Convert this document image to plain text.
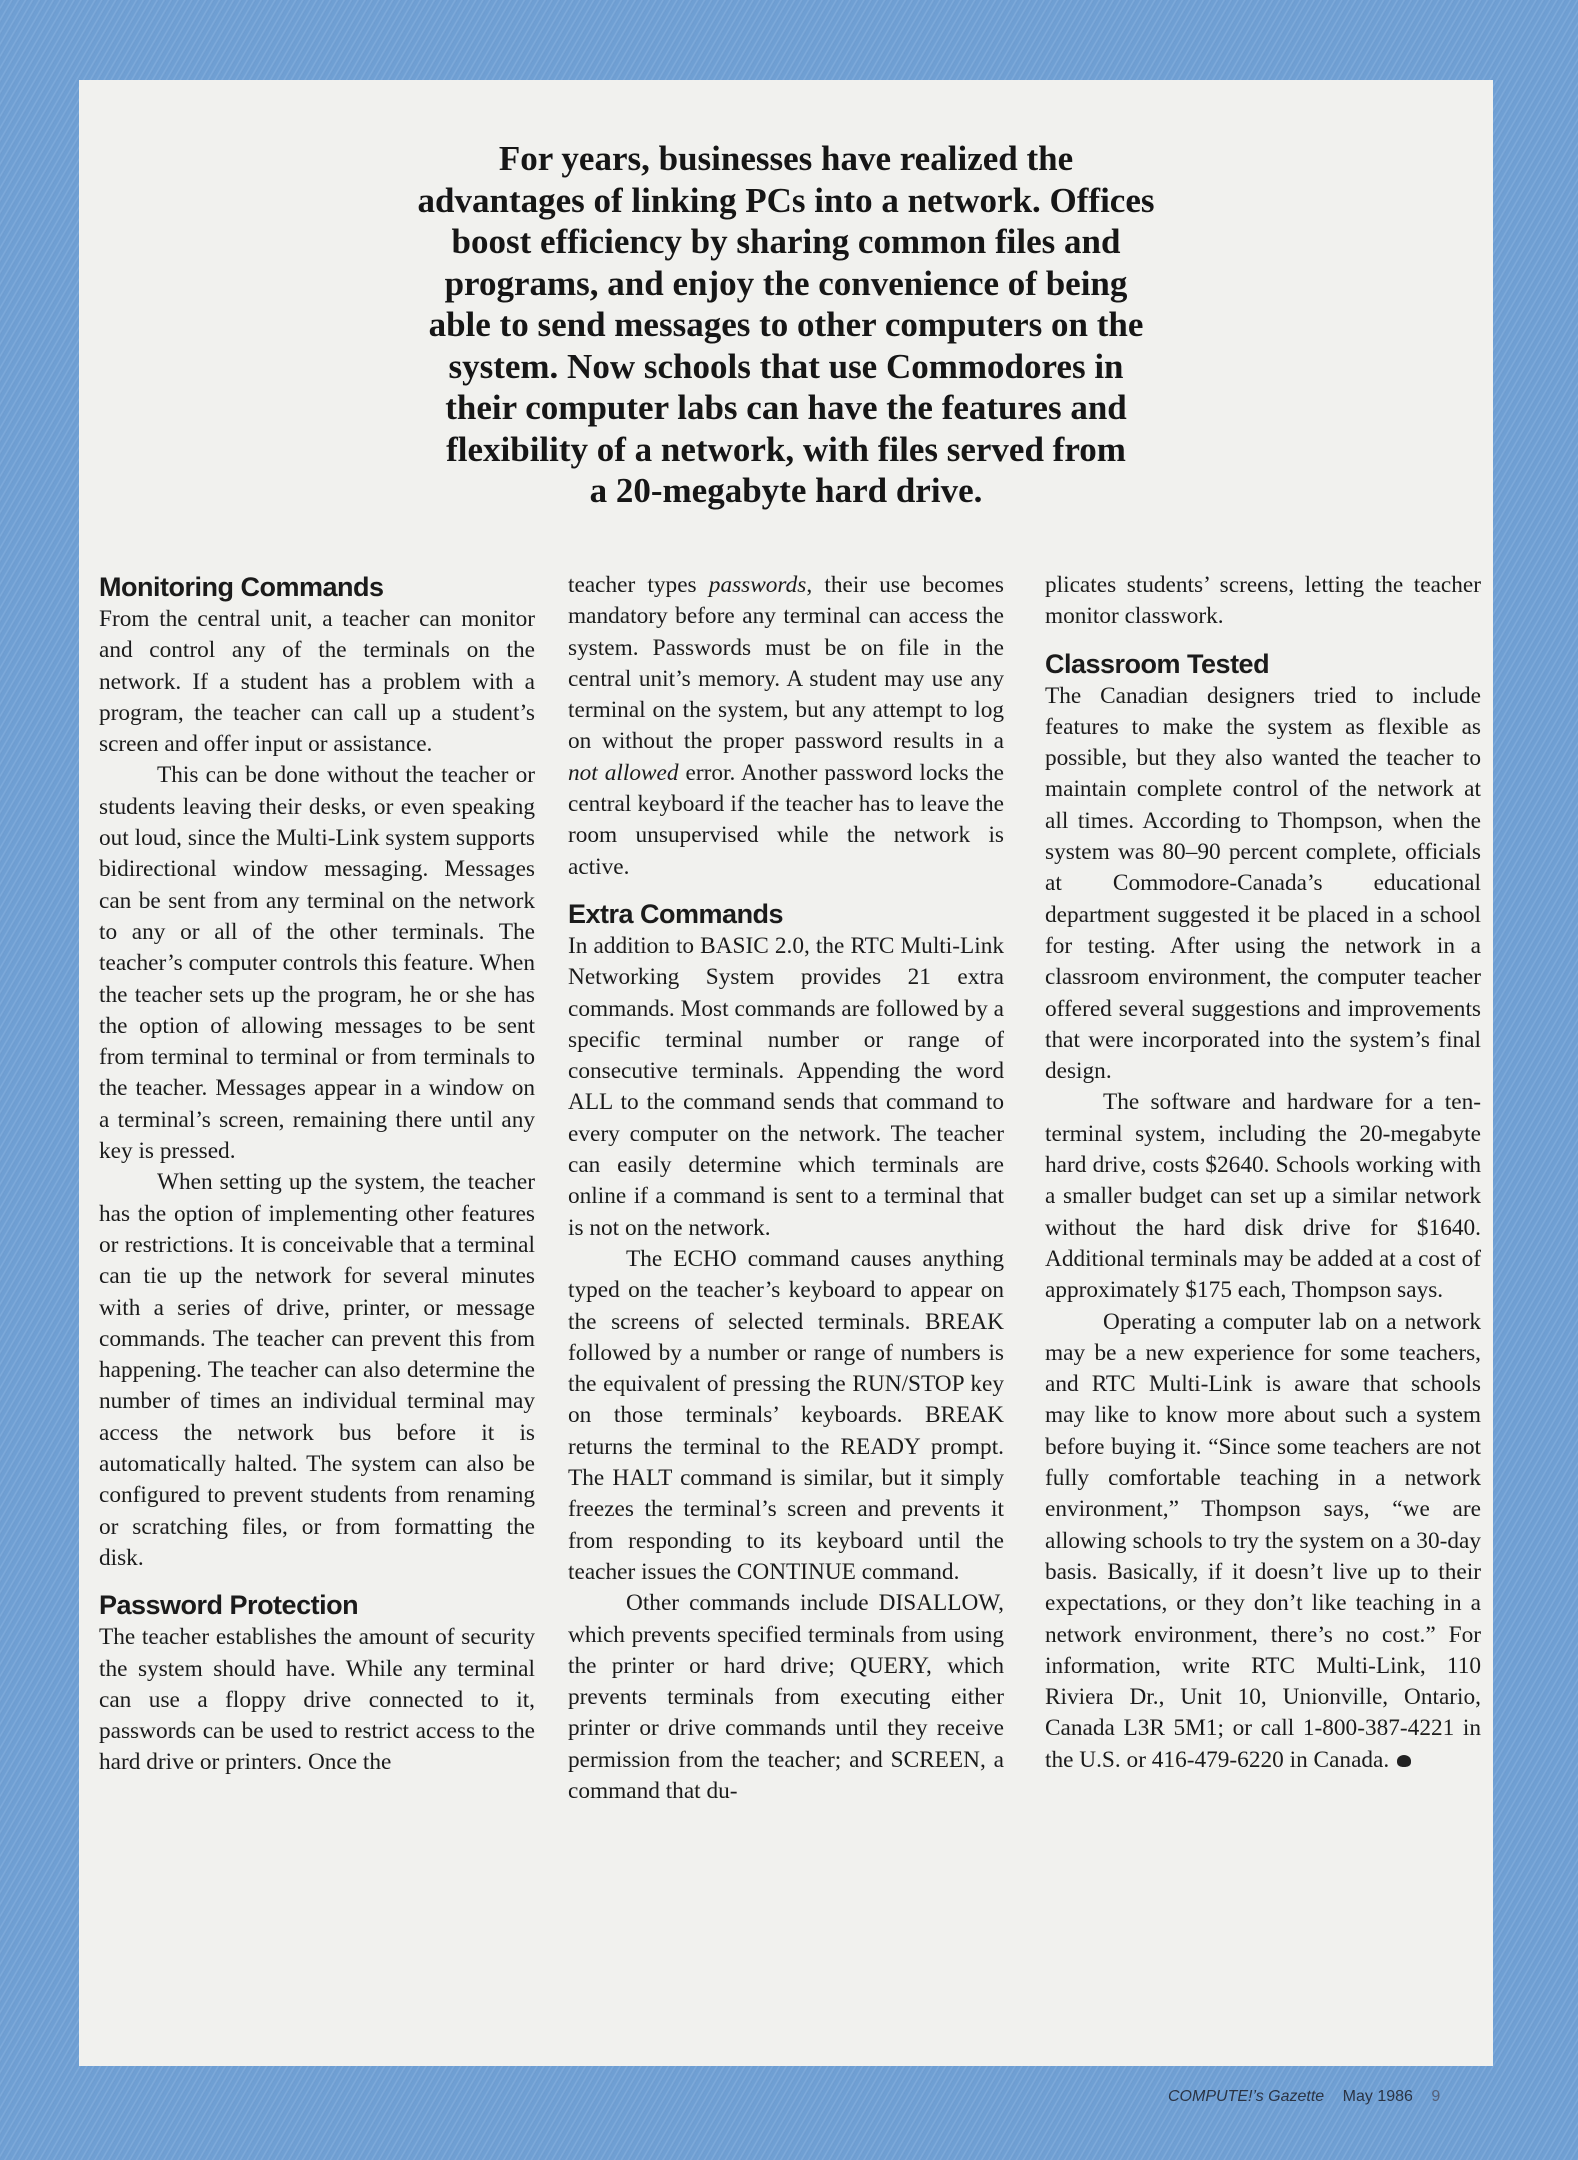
For years, businesses have realized the
advantages of linking PCs into a network. Offices
boost efficiency by sharing common files and
programs, and enjoy the convenience of being
able to send messages to other computers on the
system. Now schools that use Commodores in
their computer labs can have the features and
flexibility of a network, with files served from
a 20-megabyte hard drive.
Monitoring Commands

From the central unit, a teacher can monitor and control any of the terminals on the network. If a student has a problem with a program, the teacher can call up a student’s screen and offer input or assistance.

This can be done without the teacher or students leaving their desks, or even speaking out loud, since the Multi-Link system supports bidirectional window messaging. Messages can be sent from any terminal on the network to any or all of the other terminals. The teacher’s computer controls this feature. When the teacher sets up the program, he or she has the option of allowing messages to be sent from terminal to terminal or from terminals to the teacher. Messages appear in a window on a terminal’s screen, remaining there until any key is pressed.

When setting up the system, the teacher has the option of implementing other features or restrictions. It is conceivable that a terminal can tie up the network for several minutes with a series of drive, printer, or message commands. The teacher can prevent this from happening. The teacher can also determine the number of times an individual terminal may access the network bus before it is automatically halted. The system can also be configured to prevent students from renaming or scratching files, or from formatting the disk.

Password Protection

The teacher establishes the amount of security the system should have. While any terminal can use a floppy drive connected to it, passwords can be used to restrict access to the hard drive or printers. Once the

teacher types passwords, their use becomes mandatory before any terminal can access the system. Passwords must be on file in the central unit’s memory. A student may use any terminal on the system, but any attempt to log on without the proper password results in a not allowed error. Another password locks the central keyboard if the teacher has to leave the room unsupervised while the network is active.

Extra Commands

In addition to BASIC 2.0, the RTC Multi-Link Networking System provides 21 extra commands. Most commands are followed by a specific terminal number or range of consecutive terminals. Appending the word ALL to the command sends that command to every computer on the network. The teacher can easily determine which terminals are online if a command is sent to a terminal that is not on the network.

The ECHO command causes anything typed on the teacher’s keyboard to appear on the screens of selected terminals. BREAK followed by a number or range of numbers is the equivalent of pressing the RUN/STOP key on those terminals’ keyboards. BREAK returns the terminal to the READY prompt. The HALT command is similar, but it simply freezes the terminal’s screen and prevents it from responding to its keyboard until the teacher issues the CONTINUE command.

Other commands include DISALLOW, which prevents specified terminals from using the printer or hard drive; QUERY, which prevents terminals from executing either printer or drive commands until they receive permission from the teacher; and SCREEN, a command that du-

plicates students’ screens, letting the teacher monitor classwork.

Classroom Tested

The Canadian designers tried to include features to make the system as flexible as possible, but they also wanted the teacher to maintain complete control of the network at all times. According to Thompson, when the system was 80–90 percent complete, officials at Commodore-Canada’s educational department suggested it be placed in a school for testing. After using the network in a classroom environment, the computer teacher offered several suggestions and improvements that were incorporated into the system’s final design.

The software and hardware for a ten-terminal system, including the 20-megabyte hard drive, costs $2640. Schools working with a smaller budget can set up a similar network without the hard disk drive for $1640. Additional terminals may be added at a cost of approximately $175 each, Thompson says.

Operating a computer lab on a network may be a new experience for some teachers, and RTC Multi-Link is aware that schools may like to know more about such a system before buying it. “Since some teachers are not fully comfortable teaching in a network environment,” Thompson says, “we are allowing schools to try the system on a 30-day basis. Basically, if it doesn’t live up to their expectations, or they don’t like teaching in a network environment, there’s no cost.” For information, write RTC Multi-Link, 110 Riviera Dr., Unit 10, Unionville, Ontario, Canada L3R 5M1; or call 1-800-387-4221 in the U.S. or 416-479-6220 in Canada.

COMPUTE!’s Gazette May 1986 9
